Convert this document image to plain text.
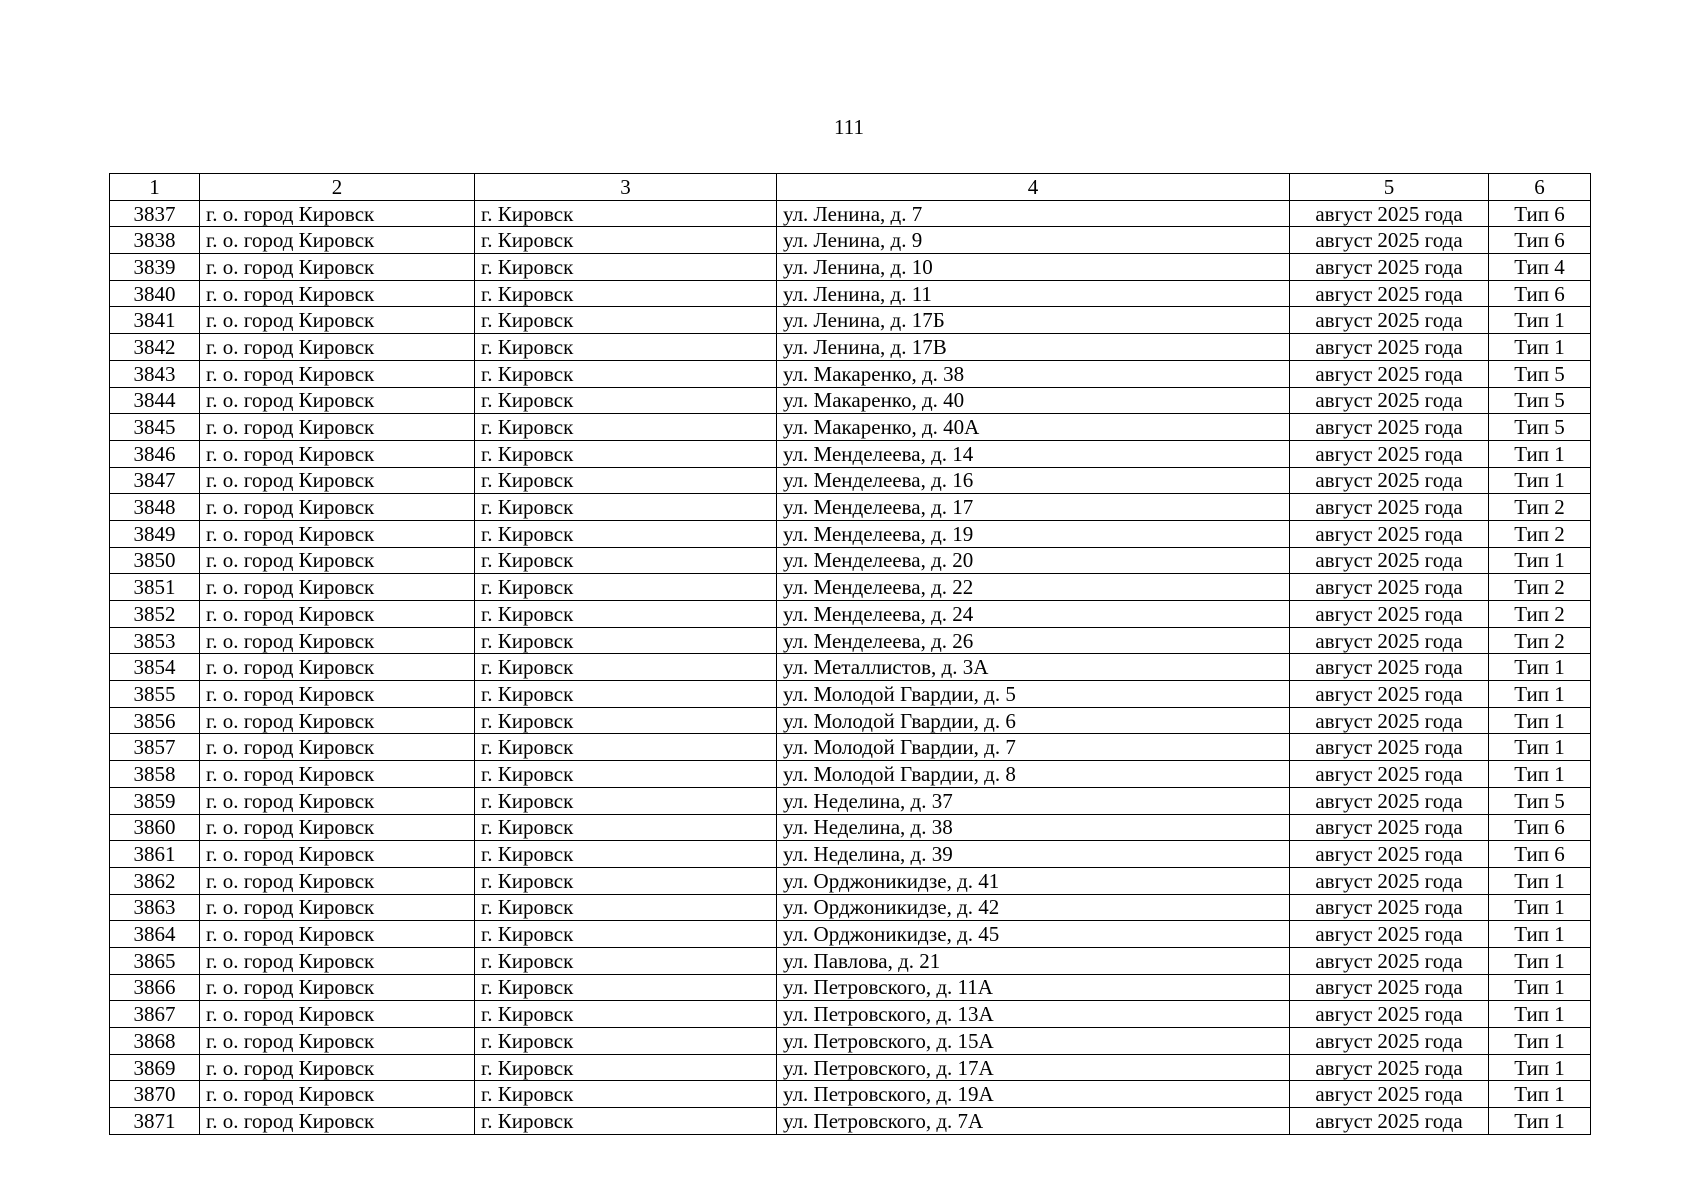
111
1	2	3	4	5	6
3837	г. о. город Кировск	г. Кировск	ул. Ленина, д. 7	август 2025 года	Тип 6
3838	г. о. город Кировск	г. Кировск	ул. Ленина, д. 9	август 2025 года	Тип 6
3839	г. о. город Кировск	г. Кировск	ул. Ленина, д. 10	август 2025 года	Тип 4
3840	г. о. город Кировск	г. Кировск	ул. Ленина, д. 11	август 2025 года	Тип 6
3841	г. о. город Кировск	г. Кировск	ул. Ленина, д. 17Б	август 2025 года	Тип 1
3842	г. о. город Кировск	г. Кировск	ул. Ленина, д. 17В	август 2025 года	Тип 1
3843	г. о. город Кировск	г. Кировск	ул. Макаренко, д. 38	август 2025 года	Тип 5
3844	г. о. город Кировск	г. Кировск	ул. Макаренко, д. 40	август 2025 года	Тип 5
3845	г. о. город Кировск	г. Кировск	ул. Макаренко, д. 40А	август 2025 года	Тип 5
3846	г. о. город Кировск	г. Кировск	ул. Менделеева, д. 14	август 2025 года	Тип 1
3847	г. о. город Кировск	г. Кировск	ул. Менделеева, д. 16	август 2025 года	Тип 1
3848	г. о. город Кировск	г. Кировск	ул. Менделеева, д. 17	август 2025 года	Тип 2
3849	г. о. город Кировск	г. Кировск	ул. Менделеева, д. 19	август 2025 года	Тип 2
3850	г. о. город Кировск	г. Кировск	ул. Менделеева, д. 20	август 2025 года	Тип 1
3851	г. о. город Кировск	г. Кировск	ул. Менделеева, д. 22	август 2025 года	Тип 2
3852	г. о. город Кировск	г. Кировск	ул. Менделеева, д. 24	август 2025 года	Тип 2
3853	г. о. город Кировск	г. Кировск	ул. Менделеева, д. 26	август 2025 года	Тип 2
3854	г. о. город Кировск	г. Кировск	ул. Металлистов, д. 3А	август 2025 года	Тип 1
3855	г. о. город Кировск	г. Кировск	ул. Молодой Гвардии, д. 5	август 2025 года	Тип 1
3856	г. о. город Кировск	г. Кировск	ул. Молодой Гвардии, д. 6	август 2025 года	Тип 1
3857	г. о. город Кировск	г. Кировск	ул. Молодой Гвардии, д. 7	август 2025 года	Тип 1
3858	г. о. город Кировск	г. Кировск	ул. Молодой Гвардии, д. 8	август 2025 года	Тип 1
3859	г. о. город Кировск	г. Кировск	ул. Неделина, д. 37	август 2025 года	Тип 5
3860	г. о. город Кировск	г. Кировск	ул. Неделина, д. 38	август 2025 года	Тип 6
3861	г. о. город Кировск	г. Кировск	ул. Неделина, д. 39	август 2025 года	Тип 6
3862	г. о. город Кировск	г. Кировск	ул. Орджоникидзе, д. 41	август 2025 года	Тип 1
3863	г. о. город Кировск	г. Кировск	ул. Орджоникидзе, д. 42	август 2025 года	Тип 1
3864	г. о. город Кировск	г. Кировск	ул. Орджоникидзе, д. 45	август 2025 года	Тип 1
3865	г. о. город Кировск	г. Кировск	ул. Павлова, д. 21	август 2025 года	Тип 1
3866	г. о. город Кировск	г. Кировск	ул. Петровского, д. 11А	август 2025 года	Тип 1
3867	г. о. город Кировск	г. Кировск	ул. Петровского, д. 13А	август 2025 года	Тип 1
3868	г. о. город Кировск	г. Кировск	ул. Петровского, д. 15А	август 2025 года	Тип 1
3869	г. о. город Кировск	г. Кировск	ул. Петровского, д. 17А	август 2025 года	Тип 1
3870	г. о. город Кировск	г. Кировск	ул. Петровского, д. 19А	август 2025 года	Тип 1
3871	г. о. город Кировск	г. Кировск	ул. Петровского, д. 7А	август 2025 года	Тип 1
